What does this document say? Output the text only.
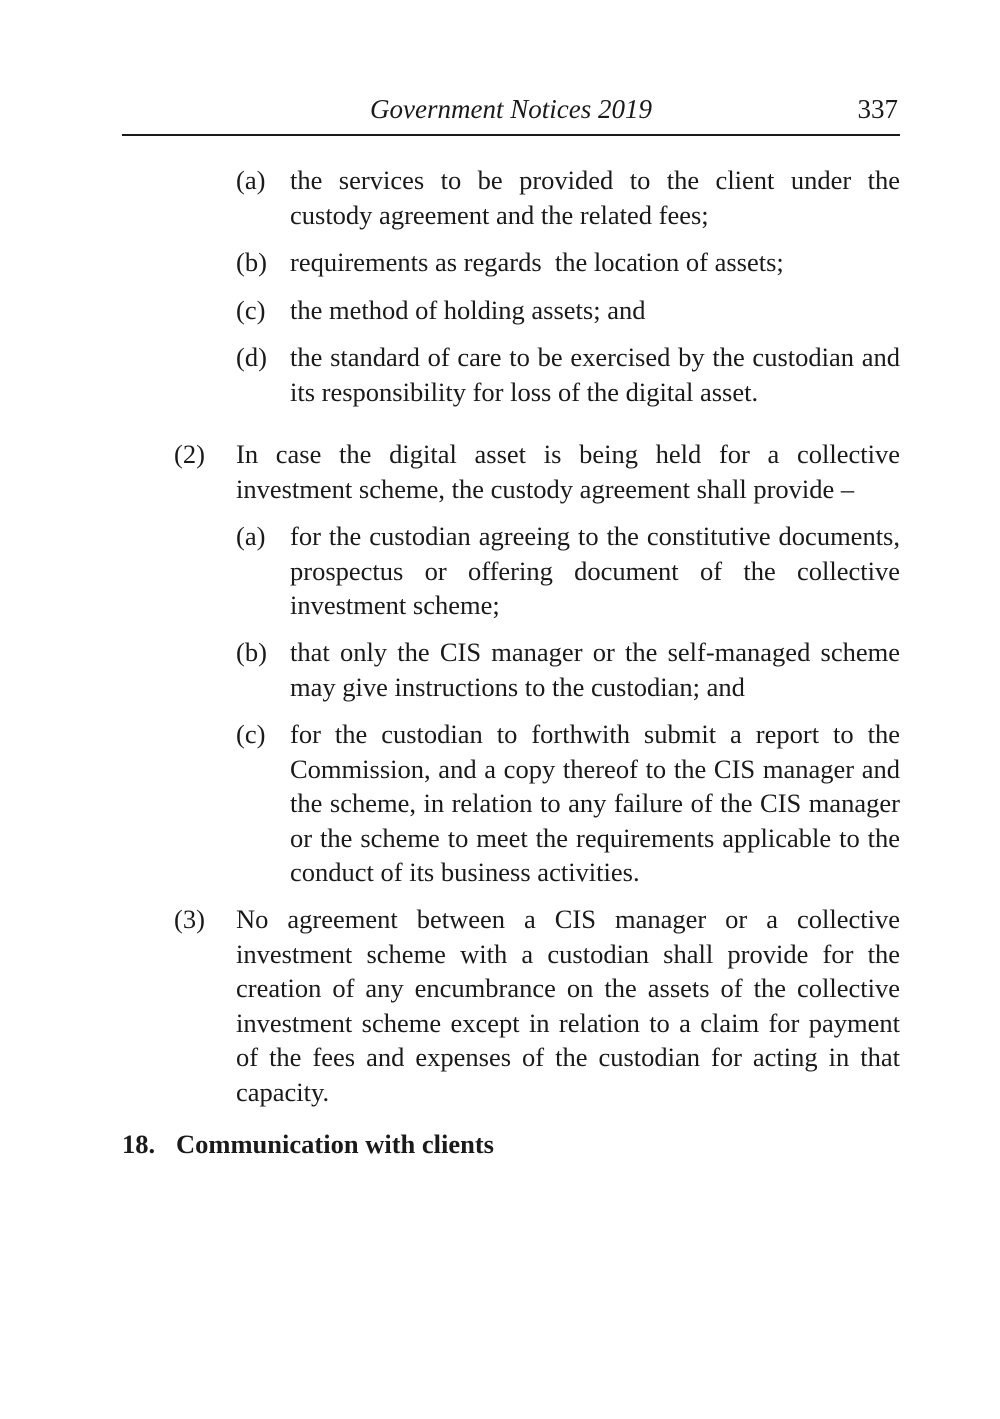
Government Notices 2019	337
(a) the services to be provided to the client under the custody agreement and the related fees;
(b) requirements as regards  the location of assets;
(c) the method of holding assets; and
(d) the standard of care to be exercised by the custodian and its responsibility for loss of the digital asset.
(2) In case the digital asset is being held for a collective investment scheme, the custody agreement shall provide –
(a) for the custodian agreeing to the constitutive documents, prospectus or offering document of the collective investment scheme;
(b) that only the CIS manager or the self-managed scheme may give instructions to the custodian; and
(c) for the custodian to forthwith submit a report to the Commission, and a copy thereof to the CIS manager and the scheme, in relation to any failure of the CIS manager or the scheme to meet the requirements applicable to the conduct of its business activities.
(3) No agreement between a CIS manager or a collective investment scheme with a custodian shall provide for the creation of any encumbrance on the assets of the collective investment scheme except in relation to a claim for payment of the fees and expenses of the custodian for acting in that capacity.
18. Communication with clients
